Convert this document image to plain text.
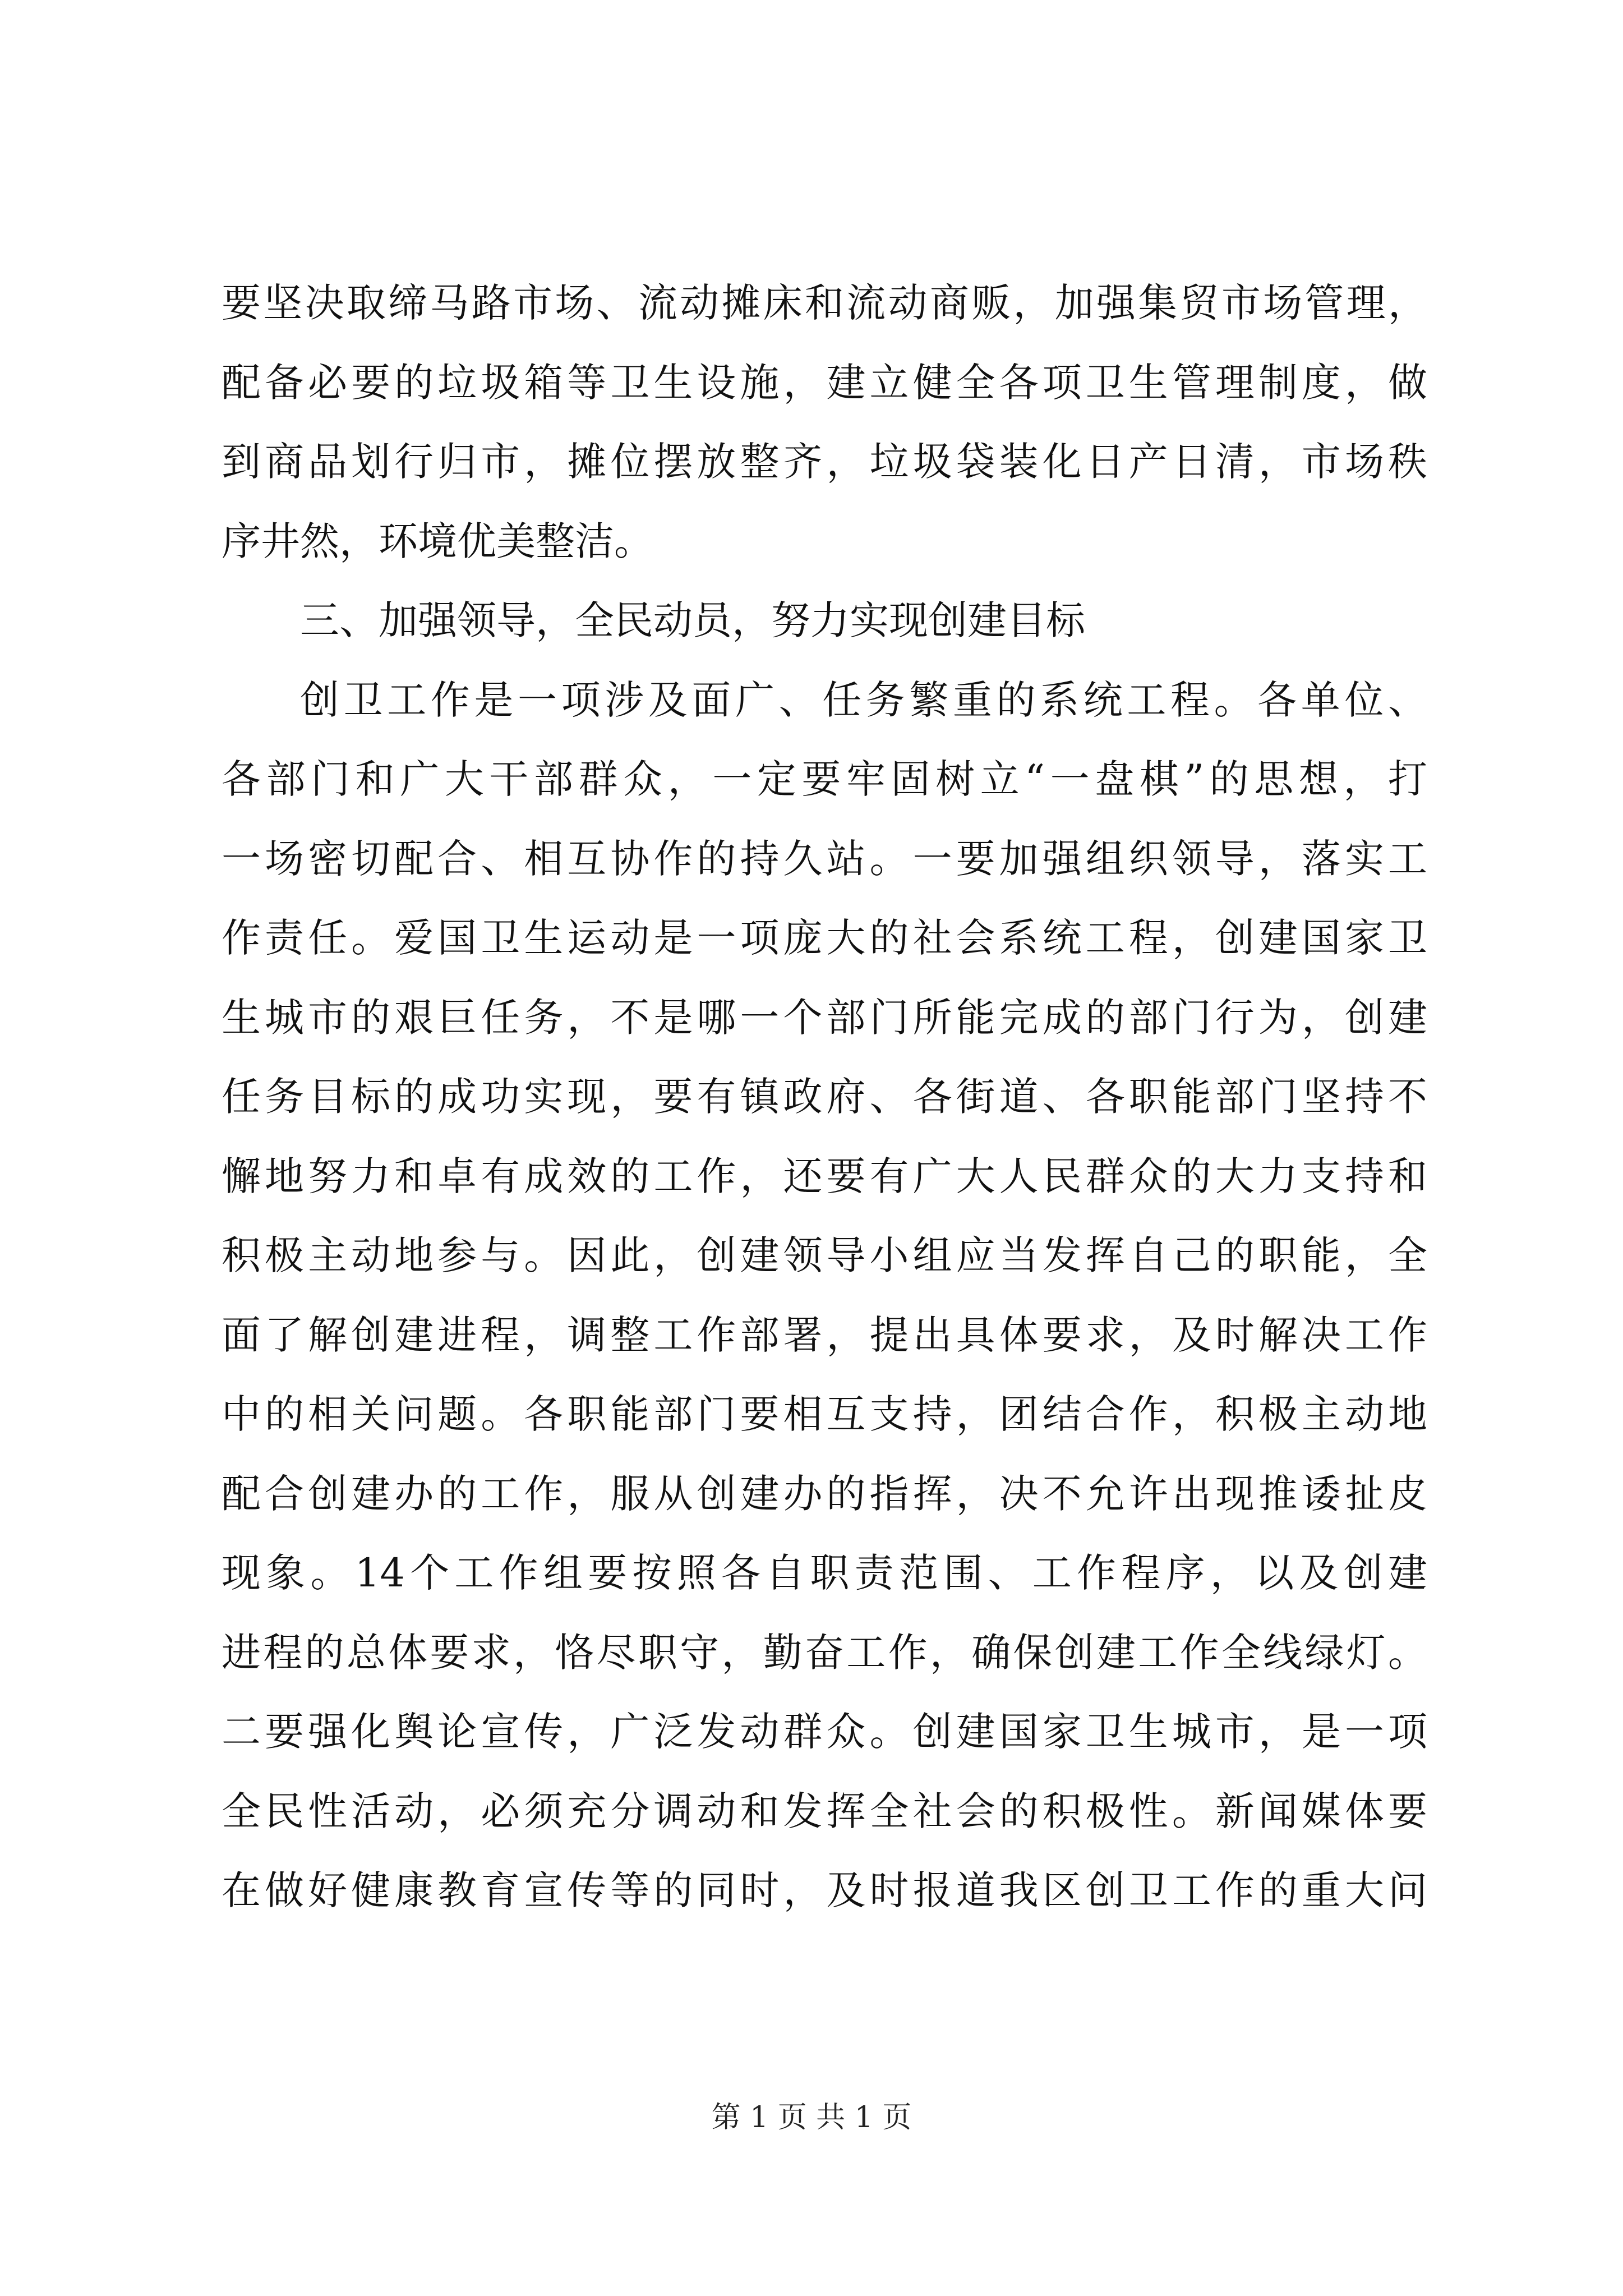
要坚决取缔马路市场、流动摊床和流动商贩，加强集贸市场管理，
配备必要的垃圾箱等卫生设施，建立健全各项卫生管理制度，做
到商品划行归市，摊位摆放整齐，垃圾袋装化日产日清，市场秩
序井然，环境优美整洁。
三、加强领导，全民动员，努力实现创建目标
创卫工作是一项涉及面广、任务繁重的系统工程。各单位、
各部门和广大干部群众，一定要牢固树立“一盘棋”的思想，打
一场密切配合、相互协作的持久站。一要加强组织领导，落实工
作责任。爱国卫生运动是一项庞大的社会系统工程，创建国家卫
生城市的艰巨任务，不是哪一个部门所能完成的部门行为，创建
任务目标的成功实现，要有镇政府、各街道、各职能部门坚持不
懈地努力和卓有成效的工作，还要有广大人民群众的大力支持和
积极主动地参与。因此，创建领导小组应当发挥自己的职能，全
面了解创建进程，调整工作部署，提出具体要求，及时解决工作
中的相关问题。各职能部门要相互支持，团结合作，积极主动地
配合创建办的工作，服从创建办的指挥，决不允许出现推诿扯皮
现象。14个工作组要按照各自职责范围、工作程序，以及创建
进程的总体要求，恪尽职守，勤奋工作，确保创建工作全线绿灯。
二要强化舆论宣传，广泛发动群众。创建国家卫生城市，是一项
全民性活动，必须充分调动和发挥全社会的积极性。新闻媒体要
在做好健康教育宣传等的同时，及时报道我区创卫工作的重大问
第 1 页 共 1 页
